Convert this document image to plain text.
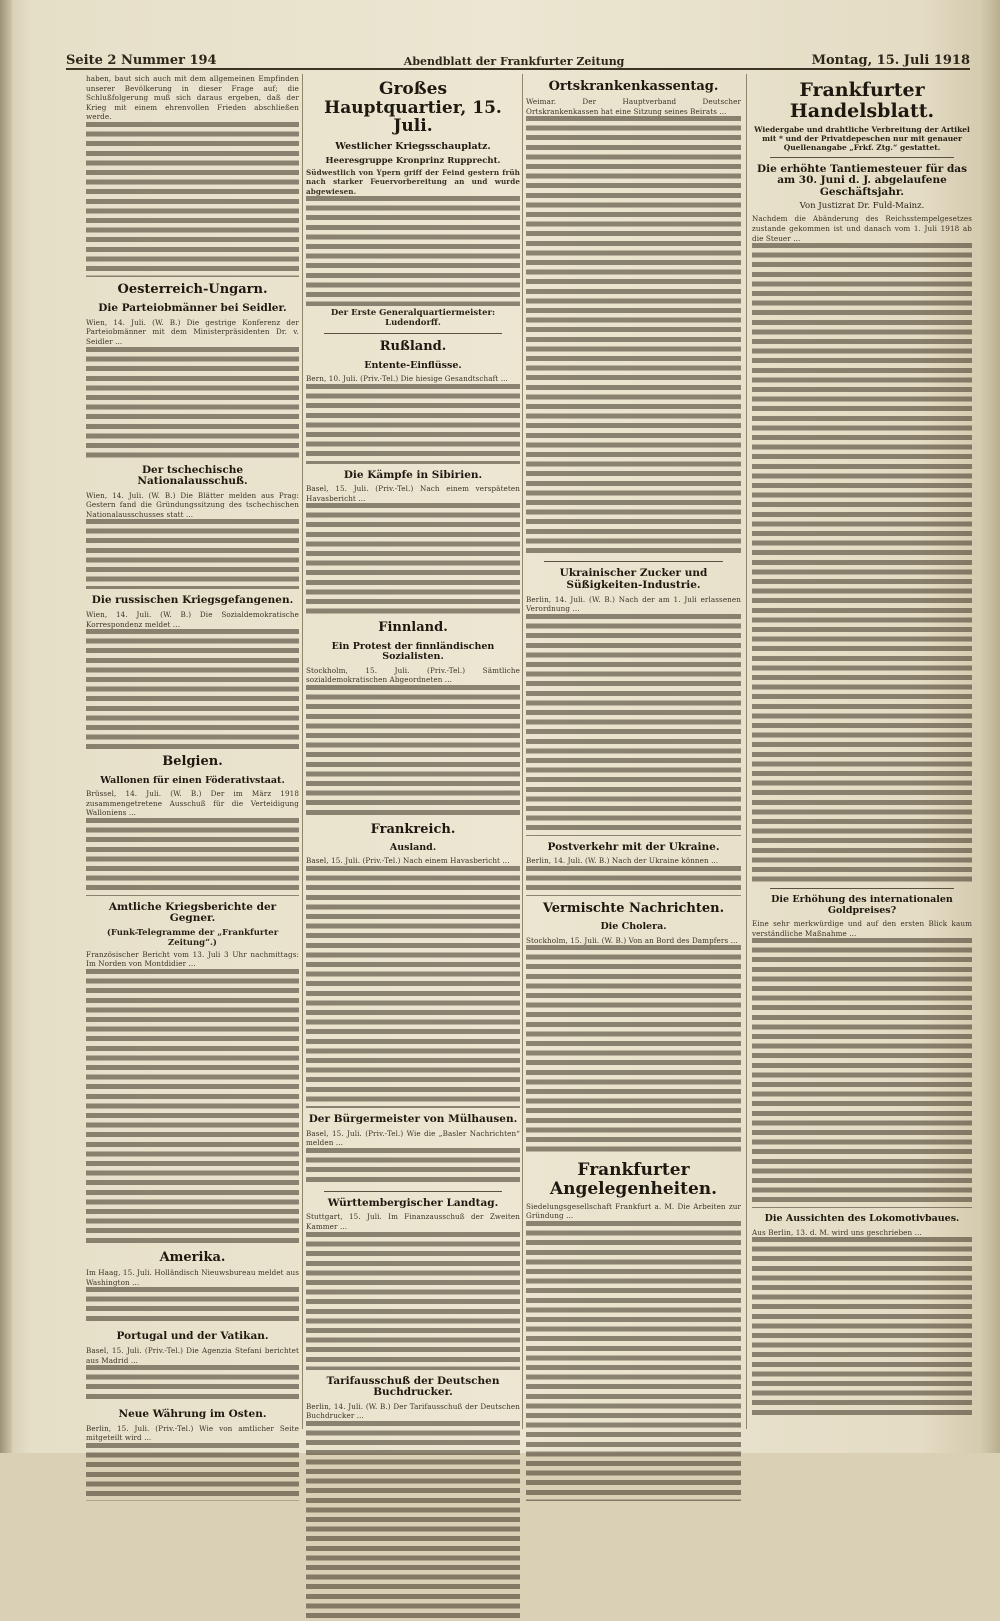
Seite 2 Nummer 194	Abendblatt der Frankfurter Zeitung	Montag, 15. Juli 1918

haben, baut sich auch mit dem allgemeinen Empfinden unserer Bevölkerung in dieser Frage auf; die Schlußfolgerung muß sich daraus ergeben, daß der Krieg mit einem ehrenvollen Frieden abschließen werde.

Oesterreich-Ungarn.
Die Parteiobmänner bei Seidler.

Wien, 14. Juli. (W. B.) Die gestrige Konferenz der Parteiobmänner mit dem Ministerpräsidenten Dr. v. Seidler ...

Der tschechische Nationalausschuß.

Wien, 14. Juli. (W. B.) Die Blätter melden aus Prag: Gestern fand die Gründungssitzung des tschechischen Nationalausschusses statt ...

Die russischen Kriegsgefangenen.

Wien, 14. Juli. (W. B.) Die Sozialdemokratische Korrespondenz meldet ...

Belgien.
Wallonen für einen Föderativstaat.

Brüssel, 14. Juli. (W. B.) Der im März 1918 zusammengetretene Ausschuß für die Verteidigung Walloniens ...

Amtliche Kriegsberichte der Gegner.
(Funk-Telegramme der „Frankfurter Zeitung“.)

Französischer Bericht vom 13. Juli 3 Uhr nachmittags: Im Norden von Montdidier ...

Amerika.

Im Haag, 15. Juli. Holländisch Nieuwsbureau meldet aus Washington ...

Portugal und der Vatikan.

Basel, 15. Juli. (Priv.-Tel.) Die Agenzia Stefani berichtet aus Madrid ...

Neue Währung im Osten.

Berlin, 15. Juli. (Priv.-Tel.) Wie von amtlicher Seite mitgeteilt wird ...

Großes Hauptquartier, 15. Juli.
Westlicher Kriegsschauplatz.
Heeresgruppe Kronprinz Rupprecht.

Südwestlich von Ypern griff der Feind gestern früh nach starker Feuervorbereitung an und wurde abgewiesen.

Der Erste Generalquartiermeister: Ludendorff.
Rußland.
Entente-Einflüsse.

Bern, 10. Juli. (Priv.-Tel.) Die hiesige Gesandtschaft ...

Die Kämpfe in Sibirien.

Basel, 15. Juli. (Priv.-Tel.) Nach einem verspäteten Havasbericht ...

Finnland.
Ein Protest der finnländischen Sozialisten.

Stockholm, 15. Juli. (Priv.-Tel.) Sämtliche sozialdemokratischen Abgeordneten ...

Frankreich.
Ausland.

Basel, 15. Juli. (Priv.-Tel.) Nach einem Havasbericht ...

Der Bürgermeister von Mülhausen.

Basel, 15. Juli. (Priv.-Tel.) Wie die „Basler Nachrichten“ melden ...

Württembergischer Landtag.

Stuttgart, 15. Juli. Im Finanzausschuß der Zweiten Kammer ...

Tarifausschuß der Deutschen Buchdrucker.

Berlin, 14. Juli. (W. B.) Der Tarifausschuß der Deutschen Buchdrucker ...

Ortskrankenkassentag.

Weimar. Der Hauptverband Deutscher Ortskrankenkassen hat eine Sitzung seines Beirats ...

Ukrainischer Zucker und Süßigkeiten-Industrie.

Berlin, 14. Juli. (W. B.) Nach der am 1. Juli erlassenen Verordnung ...

Postverkehr mit der Ukraine.

Berlin, 14. Juli. (W. B.) Nach der Ukraine können ...

Vermischte Nachrichten.
Die Cholera.

Stockholm, 15. Juli. (W. B.) Von an Bord des Dampfers ...

Frankfurter Angelegenheiten.

Siedelungsgesellschaft Frankfurt a. M. Die Arbeiten zur Gründung ...

Frankfurter Handelsblatt.
Wiedergabe und drahtliche Verbreitung der Artikel mit * und der Privatdepeschen nur mit genauer Quellenangabe „Frkf. Ztg.“ gestattet.
Die erhöhte Tantiemesteuer für das am 30. Juni d. J. abgelaufene Geschäftsjahr.
Von Justizrat Dr. Fuld-Mainz.

Nachdem die Abänderung des Reichsstempelgesetzes zustande gekommen ist und danach vom 1. Juli 1918 ab die Steuer ...

Die Erhöhung des internationalen Goldpreises?

Eine sehr merkwürdige und auf den ersten Blick kaum verständliche Maßnahme ...

Die Aussichten des Lokomotivbaues.

Aus Berlin, 13. d. M. wird uns geschrieben ...
